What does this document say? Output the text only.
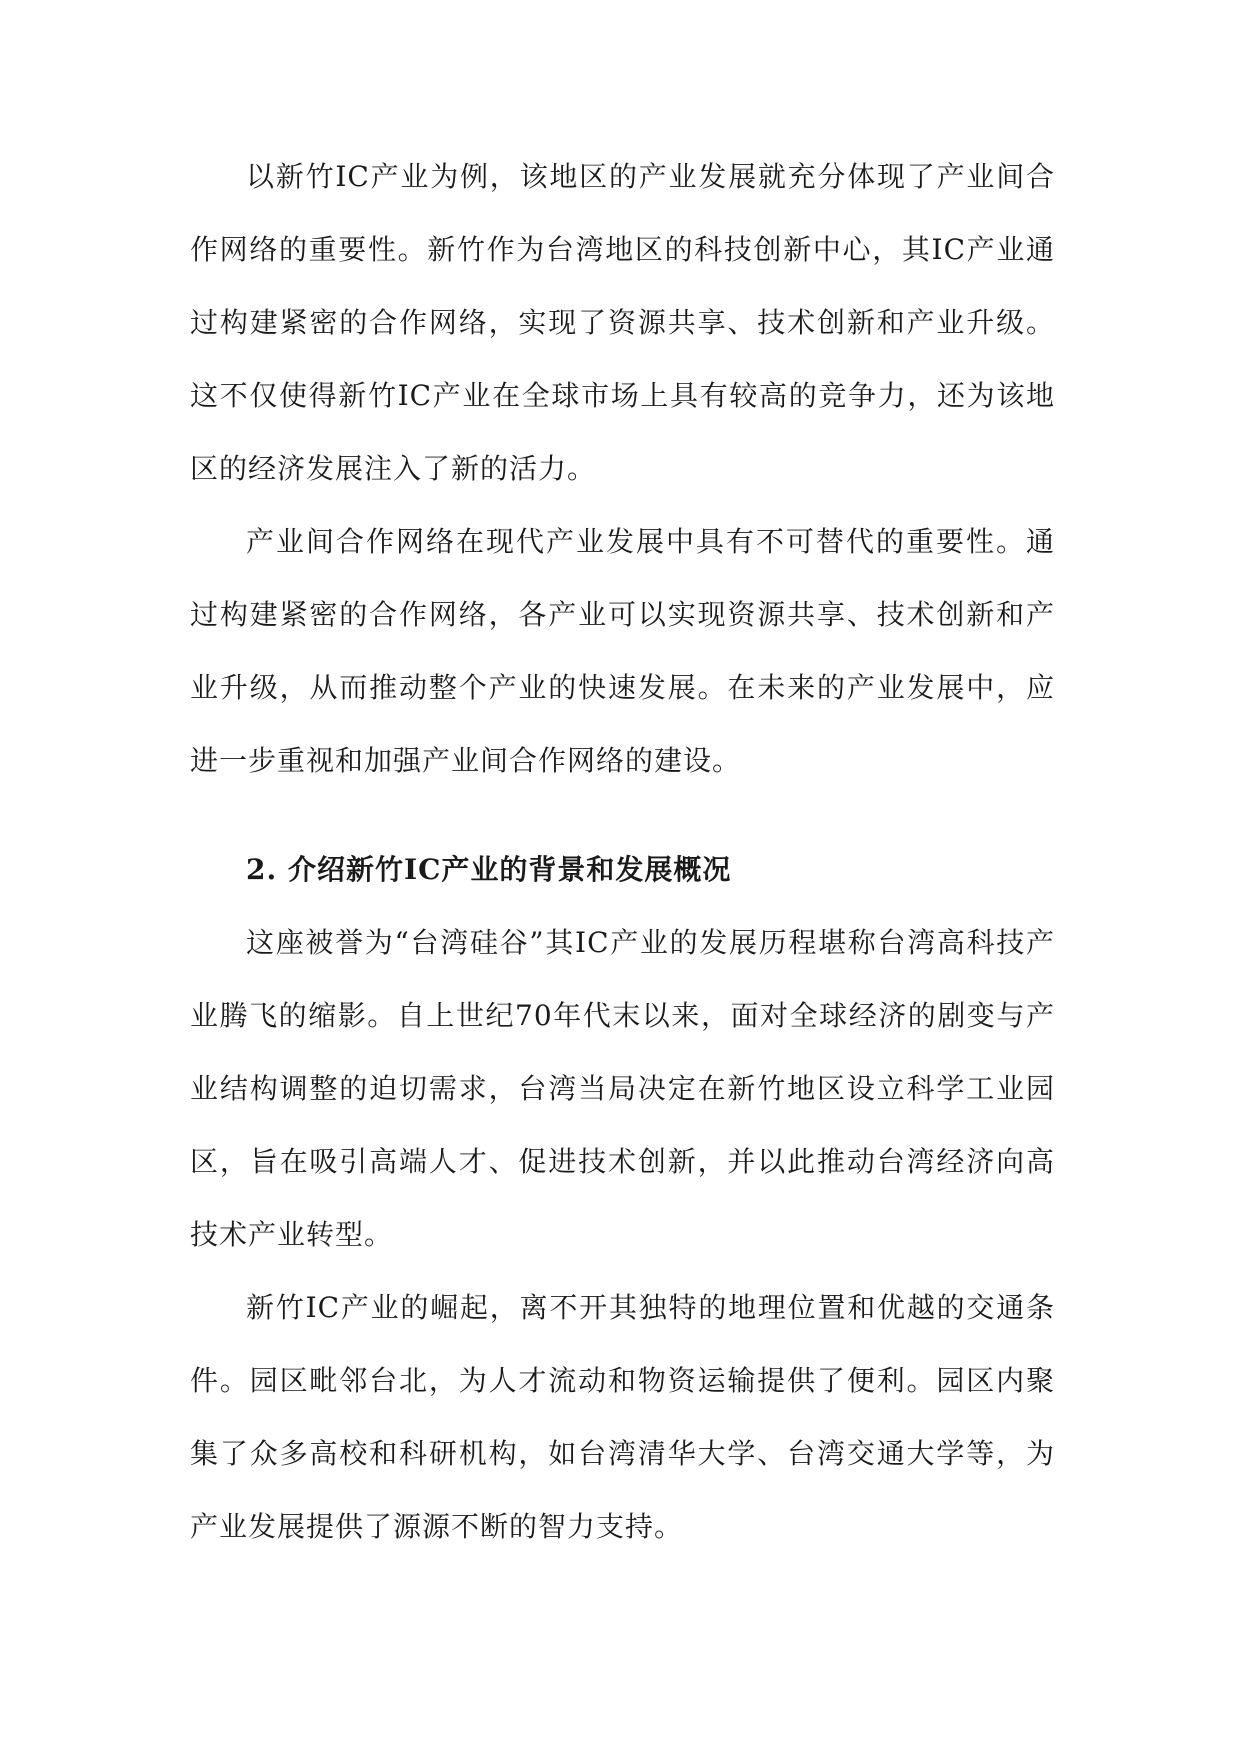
以新竹IC产业为例，该地区的产业发展就充分体现了产业间合作网络的重要性。新竹作为台湾地区的科技创新中心，其IC产业通过构建紧密的合作网络，实现了资源共享、技术创新和产业升级。这不仅使得新竹IC产业在全球市场上具有较高的竞争力，还为该地区的经济发展注入了新的活力。

产业间合作网络在现代产业发展中具有不可替代的重要性。通过构建紧密的合作网络，各产业可以实现资源共享、技术创新和产业升级，从而推动整个产业的快速发展。在未来的产业发展中，应进一步重视和加强产业间合作网络的建设。

2. 介绍新竹IC产业的背景和发展概况

这座被誉为“台湾硅谷”其IC产业的发展历程堪称台湾高科技产业腾飞的缩影。自上世纪70年代末以来，面对全球经济的剧变与产业结构调整的迫切需求，台湾当局决定在新竹地区设立科学工业园区，旨在吸引高端人才、促进技术创新，并以此推动台湾经济向高技术产业转型。

新竹IC产业的崛起，离不开其独特的地理位置和优越的交通条件。园区毗邻台北，为人才流动和物资运输提供了便利。园区内聚集了众多高校和科研机构，如台湾清华大学、台湾交通大学等，为产业发展提供了源源不断的智力支持。
